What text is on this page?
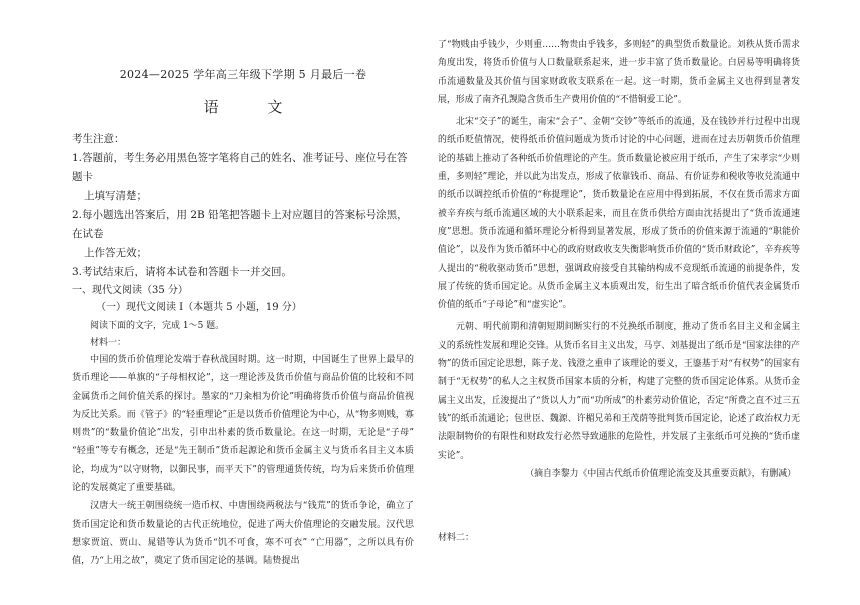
2024—2025 学年高三年级下学期 5 月最后一卷
语 文

考生注意：

1.答题前，考生务必用黑色签字笔将自己的姓名、准考证号、座位号在答题卡

上填写清楚；

2.每小题选出答案后，用 2B 铅笔把答题卡上对应题目的答案标号涂黑，在试卷

上作答无效；

3.考试结束后，请将本试卷和答题卡一并交回。

一、现代文阅读（35 分）
（一）现代文阅读 I（本题共 5 小题，19 分）
阅读下面的文字，完成 1～5 题。
材料一：

中国的货币价值理论发端于春秋战国时期。这一时期，中国诞生了世界上最早的货币理论——单旗的“子母相权论”，这一理论涉及货币价值与商品价值的比较和不同金属货币之间价值关系的探讨。墨家的“刀籴相为价论”明确将货币价值与商品价值视为反比关系。而《管子》的“轻重理论”正是以货币价值理论为中心，从“物多则贱，寡则贵”的“数量价值论”出发，引申出朴素的货币数量论。在这一时期，无论是“子母” “轻重”等专有概念，还是“先王制币”货币起源论和货币金属主义与货币名目主义本质论，均成为“以守财物，以御民事，而平天下”的管理通货传统，均为后来货币价值理论的发展奠定了重要基础。

汉唐大一统王朝围绕统一造币权、中唐围绕两税法与“钱荒”的货币争论，确立了货币国定论和货币数量论的古代正统地位，促进了两大价值理论的交融发展。汉代思想家贾谊、贾山、晁错等认为货币“饥不可食，寒不可衣” “亡用器”，之所以具有价值，乃“上用之故”，奠定了货币国定论的基调。陆贽提出

了“物贱由乎钱少，少则重……物贵由乎钱多，多则轻”的典型货币数量论。刘秩从货币需求角度出发，将货币价值与人口数量联系起来，进一步丰富了货币数量论。白居易等明确将货币流通数量及其价值与国家财政收支联系在一起。这一时期，货币金属主义也得到显著发展，形成了南齐孔觊隐含货币生产费用价值的“不惜铜爱工论”。

北宋“交子”的诞生，南宋“会子”、金朝“交钞”等纸币的流通，及在钱钞并行过程中出现的纸币贬值情况，使得纸币价值问题成为货币讨论的中心问题，进而在过去历朝货币价值理论的基础上推动了各种纸币价值理论的产生。货币数量论被应用于纸币，产生了宋孝宗“少则重，多则轻”理论，并以此为出发点，形成了依靠钱币、商品、有价证券和税收等收兑流通中的纸币以调控纸币价值的“称提理论”，货币数量论在应用中得到拓展，不仅在货币需求方面被辛弃疾与纸币流通区域的大小联系起来，而且在货币供给方面由沈括提出了“货币流通速度”思想。货币流通和循环理论分析得到显著发展，形成了货币的价值来源于流通的“职能价值论”，以及作为货币循环中心的政府财政收支失衡影响货币价值的“货币财政论”，辛弃疾等人提出的“税收驱动货币”思想，强调政府接受自其输纳构成不竞现纸币流通的前提条件，发展了传统的货币国定论。从货币金属主义本质观出发，衍生出了暗含纸币价值代表金属货币价值的纸币“子母论”和“虚实论”。

元朝、明代前期和清朝短期间断实行的不兑换纸币制度，推动了货币名目主义和金属主义的系统性发展和理论交锋。从货币名目主义出发，马亨、刘基提出了纸币是“国家法律的产物”的货币国定论思想，陈子龙、钱澄之重申了该理论的要义，王鎏基于对“有权势”的国家有制于“无权势”的私人之主权货币国家本质的分析，构建了完整的货币国定论体系。从货币金属主义出发，丘浚提出了“货以人力”而“功所成”的朴素劳动价值论，否定“所费之直不过三五钱”的纸币流通论；包世臣、魏源、许楣兄弟和王茂荫等批判货币国定论，论述了政治权力无法限制物价的有限性和财政发行必然导致通胀的危险性，并发展了主张纸币可兑换的“货币虚实论”。

（摘自李黎力《中国古代纸币价值理论流变及其重要贡献》，有删减）

材料二：
